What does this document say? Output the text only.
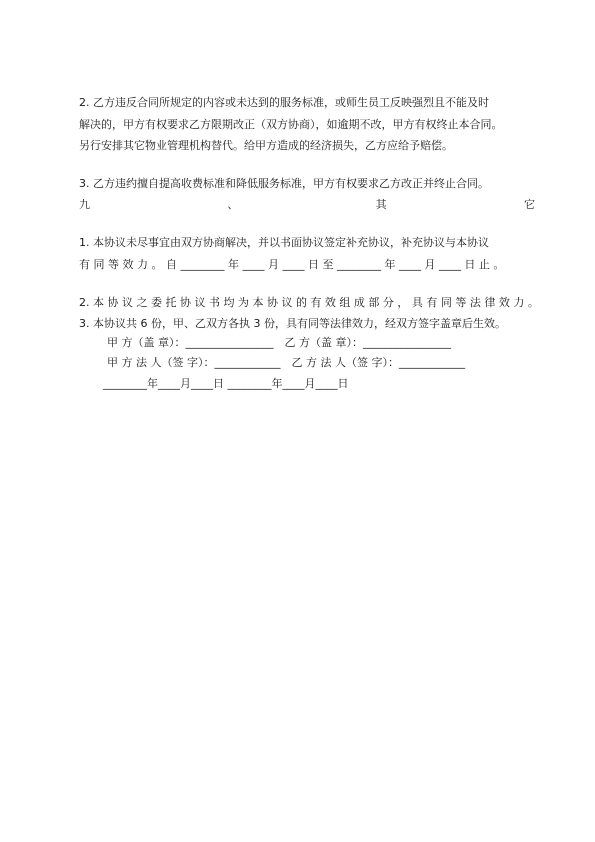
2. 乙方违反合同所规定的内容或未达到的服务标准，或师生员工反映强烈且不能及时

解决的，甲方有权要求乙方限期改正（双方协商），如逾期不改，甲方有权终止本合同。

另行安排其它物业管理机构替代。给甲方造成的经济损失，乙方应给予赔偿。

3. 乙方违约擅自提高收费标准和降低服务标准，甲方有权要求乙方改正并终止合同。

九	、	其	它

1. 本协议未尽事宜由双方协商解决，并以书面协议签定补充协议，补充协议与本协议

有 同 等 效 力 。 自 ________ 年 ____ 月 ____ 日 至 ________ 年 ____ 月 ____ 日 止 。

2. 本 协 议 之 委 托 协 议 书 均 为 本 协 议 的 有 效 组 成 部 分 ， 具 有 同 等 法 律 效 力 。

3. 本协议共 6 份，甲、乙双方各执 3 份，具有同等法律效力，经双方签字盖章后生效。

甲 方（盖 章）：________________　乙 方（盖 章）：________________

甲 方 法 人（签 字）：____________　乙 方 法 人（签 字）：____________

________年____月____日 ________年____月____日
